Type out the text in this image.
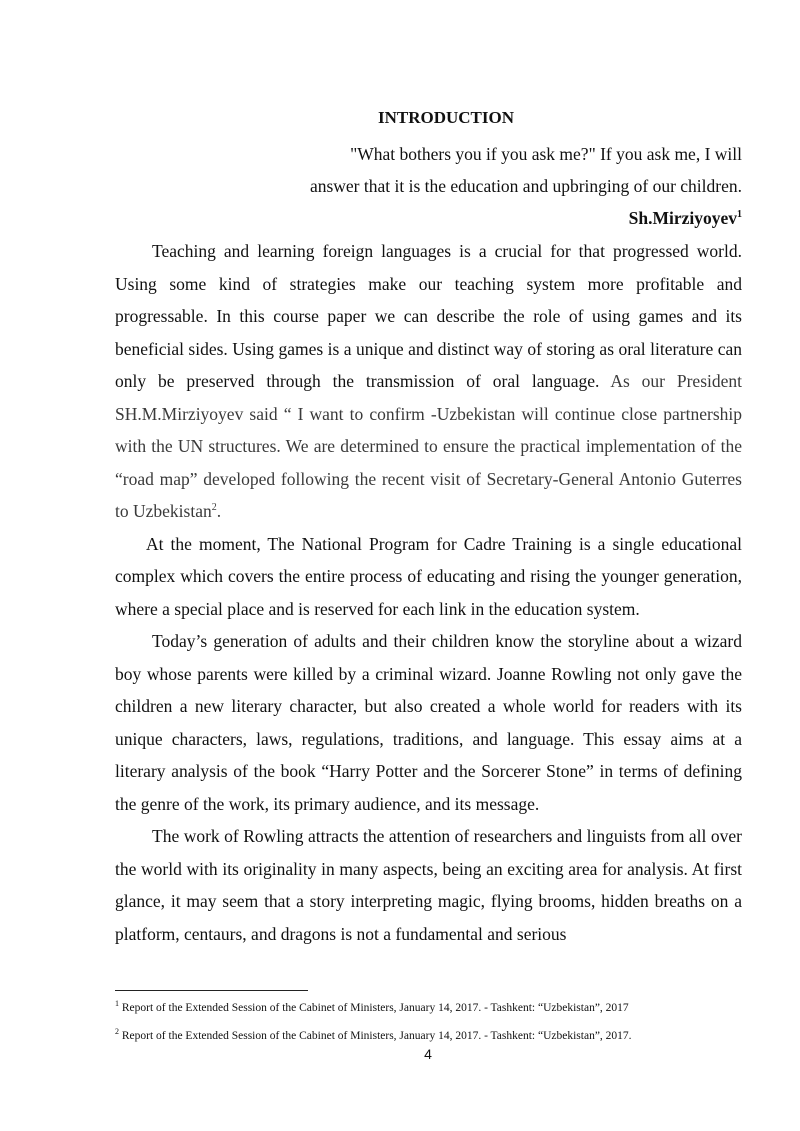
INTRODUCTION
"What bothers you if you ask me?" If you ask me, I will
answer that it is the education and upbringing of our children.
Sh.Mirziyoyev$^1$

Teaching and learning foreign languages is a crucial for that progressed world. Using some kind of strategies make our teaching system more profitable and progressable. In this course paper we can describe the role of using games and its beneficial sides. Using games is a unique and distinct way of storing as oral literature can only be preserved through the transmission of oral language. As our President SH.M.Mirziyoyev said “ I want to confirm -Uzbekistan will continue close partnership with the UN structures. We are determined to ensure the practical implementation of the “road map” developed following the recent visit of Secretary-General Antonio Guterres to Uzbekistan$^2$.

At the moment, The National Program for Cadre Training is a single educational complex which covers the entire process of educating and rising the younger generation, where a special place and is reserved for each link in the education system.

Today’s generation of adults and their children know the storyline about a wizard boy whose parents were killed by a criminal wizard. Joanne Rowling not only gave the children a new literary character, but also created a whole world for readers with its unique characters, laws, regulations, traditions, and language. This essay aims at a literary analysis of the book “Harry Potter and the Sorcerer Stone” in terms of defining the genre of the work, its primary audience, and its message.

The work of Rowling attracts the attention of researchers and linguists from all over the world with its originality in many aspects, being an exciting area for analysis. At first glance, it may seem that a story interpreting magic, flying brooms, hidden breaths on a platform, centaurs, and dragons is not a fundamental and serious

$^1$ Report of the Extended Session of the Cabinet of Ministers, January 14, 2017. - Tashkent: “Uzbekistan”, 2017
$^2$ Report of the Extended Session of the Cabinet of Ministers, January 14, 2017. - Tashkent: “Uzbekistan”, 2017.
4
